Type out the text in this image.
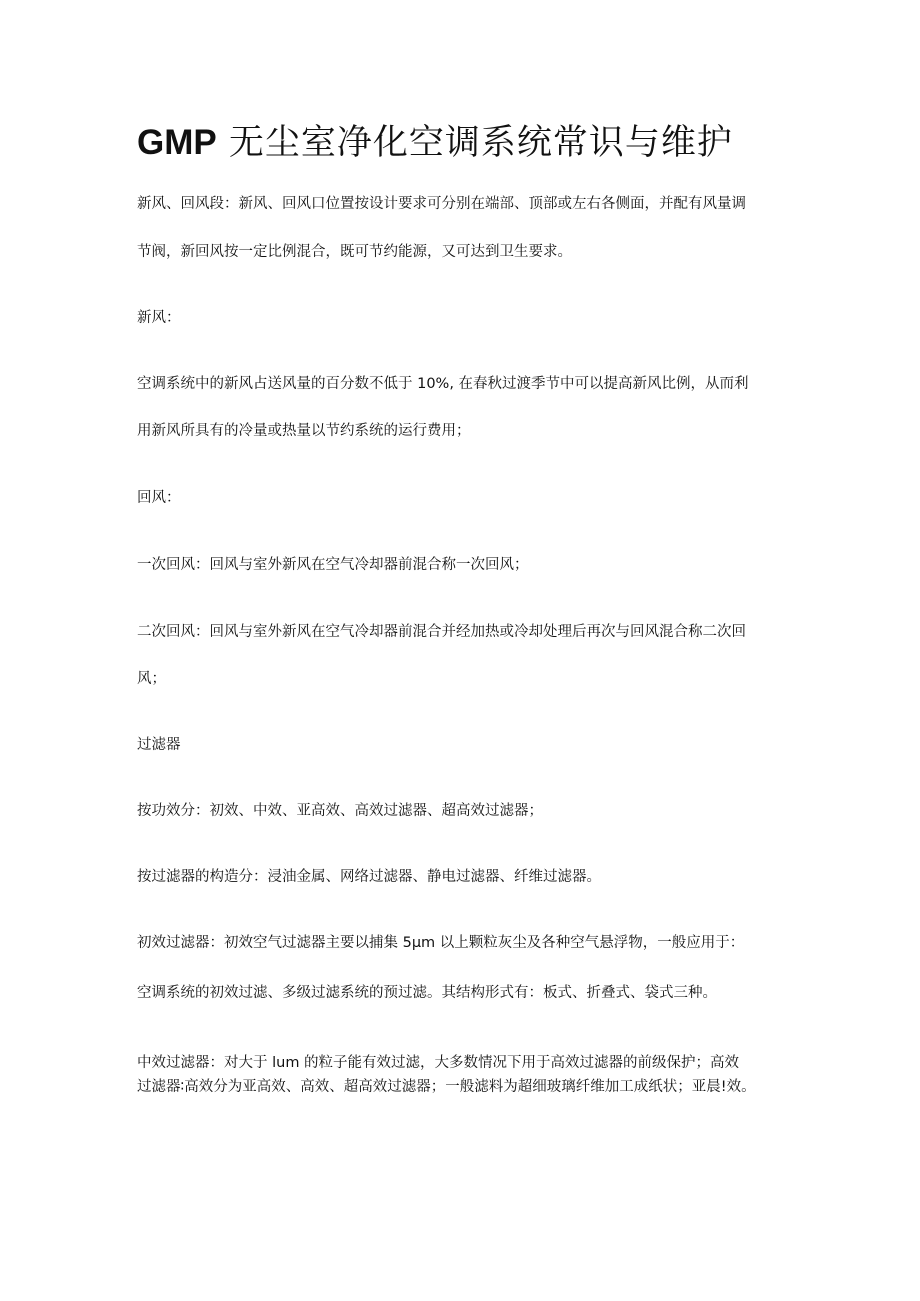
GMP 无尘室净化空调系统常识与维护

新风、回风段：新风、回风口位置按设计要求可分别在端部、顶部或左右各侧面，并配有风量调

节阀，新回风按一定比例混合，既可节约能源，又可达到卫生要求。

新风：

空调系统中的新风占送风量的百分数不低于 10%, 在春秋过渡季节中可以提高新风比例，从而利

用新风所具有的冷量或热量以节约系统的运行费用；

回风：

一次回风：回风与室外新风在空气冷却器前混合称一次回风；

二次回风：回风与室外新风在空气冷却器前混合并经加热或冷却处理后再次与回风混合称二次回

风；

过滤器

按功效分：初效、中效、亚高效、高效过滤器、超高效过滤器；

按过滤器的构造分：浸油金属、网络过滤器、静电过滤器、纤维过滤器。

初效过滤器：初效空气过滤器主要以捕集 5μm 以上颗粒灰尘及各种空气悬浮物，一般应用于：

空调系统的初效过滤、多级过滤系统的预过滤。其结构形式有：板式、折叠式、袋式三种。

中效过滤器：对大于 lum 的粒子能有效过滤，大多数情况下用于高效过滤器的前级保护；高效

过滤器∶高效分为亚高效、高效、超高效过滤器；一般滤料为超细玻璃纤维加工成纸状；亚晨!效。
